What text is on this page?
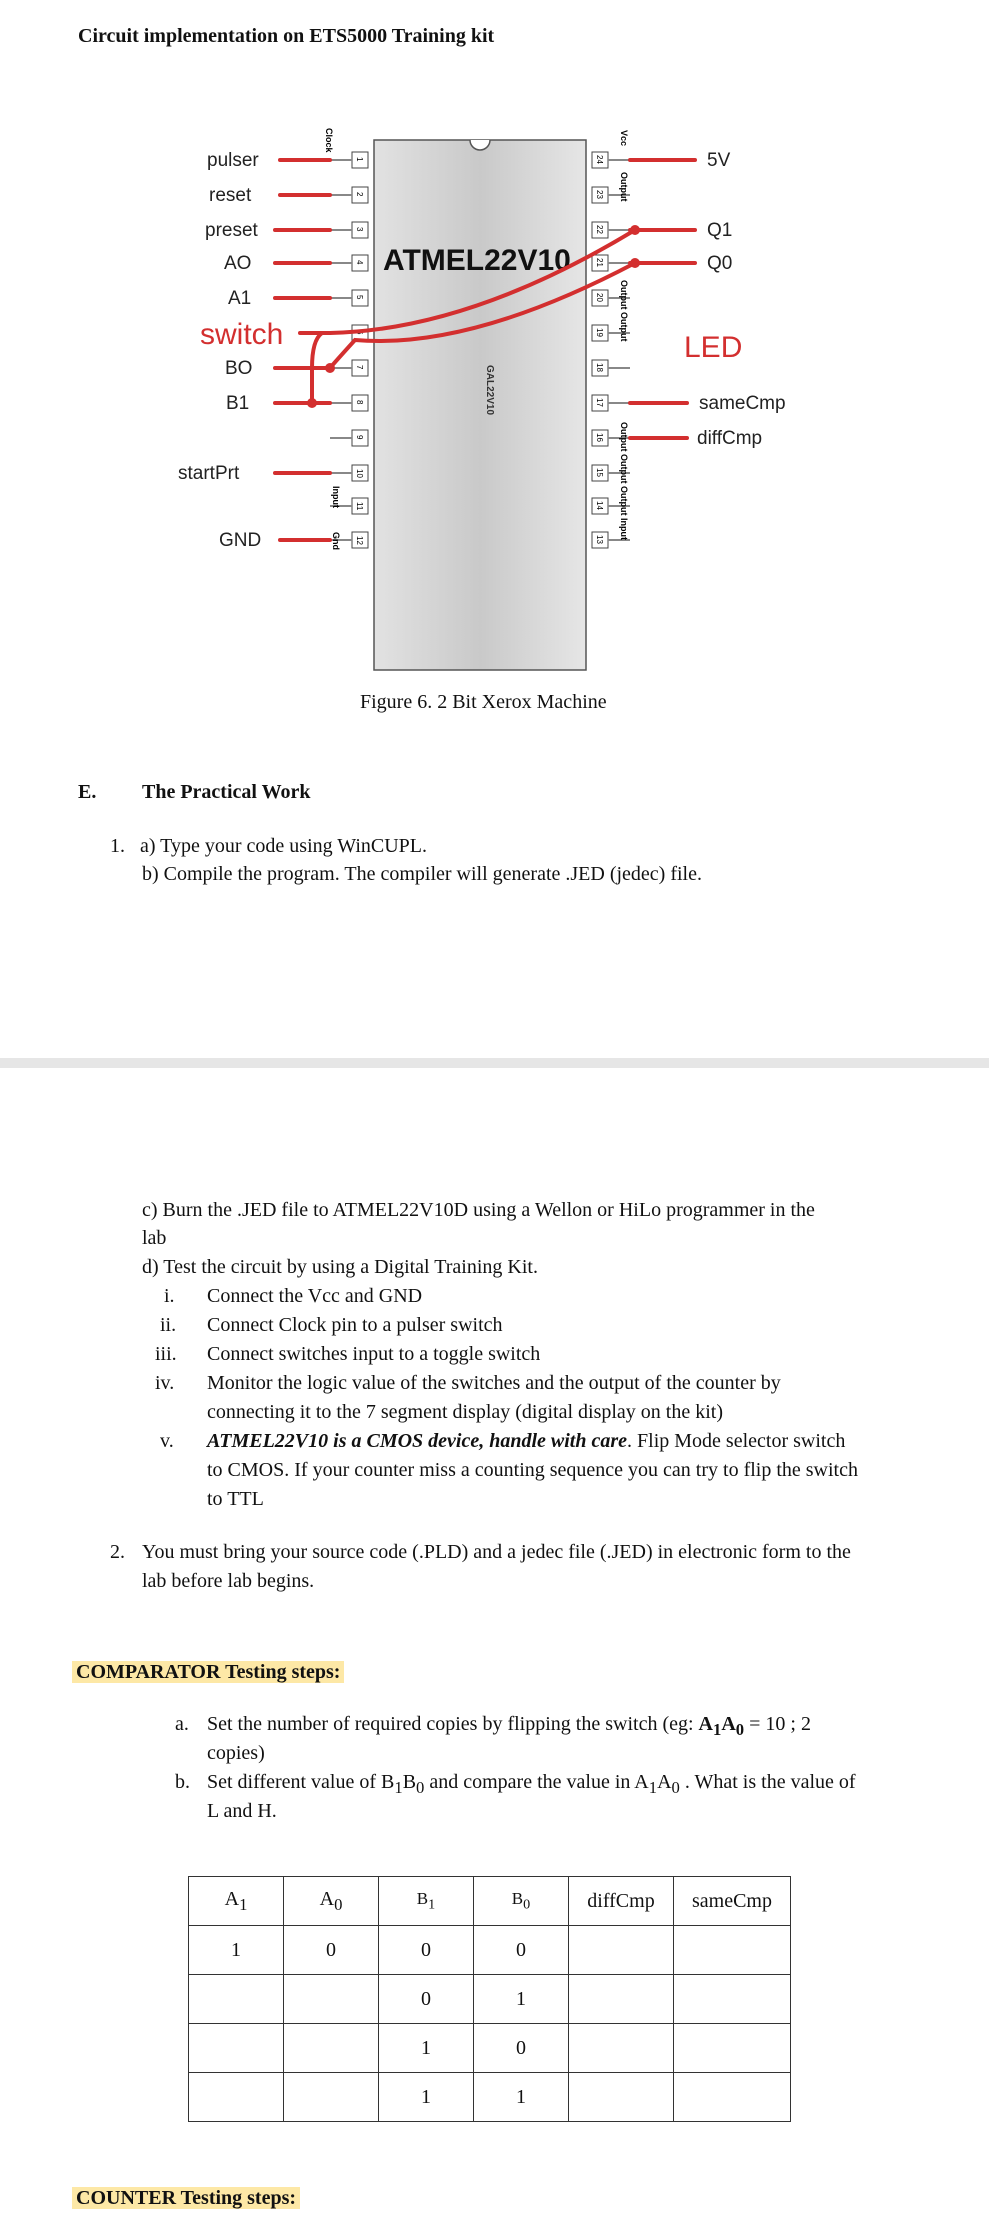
Circuit implementation on ETS5000 Training kit
ATMEL22V10
GAL22V10
1
2
3
4
5
6
7
8
9
10
11
12
24
23
22
21
20
19
18
17
16
15
14
13
Clock
Input
Gnd
Vcc
Output
Output Output
Output Output Output Input
pulser
reset
preset
AO
A1
switch
BO
B1
startPrt
GND
5V
Q1
Q0
LED
sameCmp
diffCmp
Figure 6. 2 Bit Xerox Machine
E. The Practical Work
1. a) Type your code using WinCUPL.
b) Compile the program. The compiler will generate .JED (jedec) file.
c) Burn the .JED file to ATMEL22V10D using a Wellon or HiLo programmer in the
lab
d) Test the circuit by using a Digital Training Kit.
i. Connect the Vcc and GND
ii. Connect Clock pin to a pulser switch
iii. Connect switches input to a toggle switch
iv. Monitor the logic value of the switches and the output of the counter by
connecting it to the 7 segment display (digital display on the kit)
v. ATMEL22V10 is a CMOS device, handle with care. Flip Mode selector switch
to CMOS. If your counter miss a counting sequence you can try to flip the switch
to TTL
2. You must bring your source code (.PLD) and a jedec file (.JED) in electronic form to the
lab before lab begins.
COMPARATOR Testing steps:
a. Set the number of required copies by flipping the switch (eg: $A_1A_0 = 10$ ; 2
copies)
b. Set different value of $B_1B_0$ and compare the value in $A_1A_0$ . What is the value of
L and H.
$A_1$	$A_0$	$B_1$	$B_0$	diffCmp	sameCmp
1	0	0	0		
		0	1		
		1	0		
		1	1		
COUNTER Testing steps:
